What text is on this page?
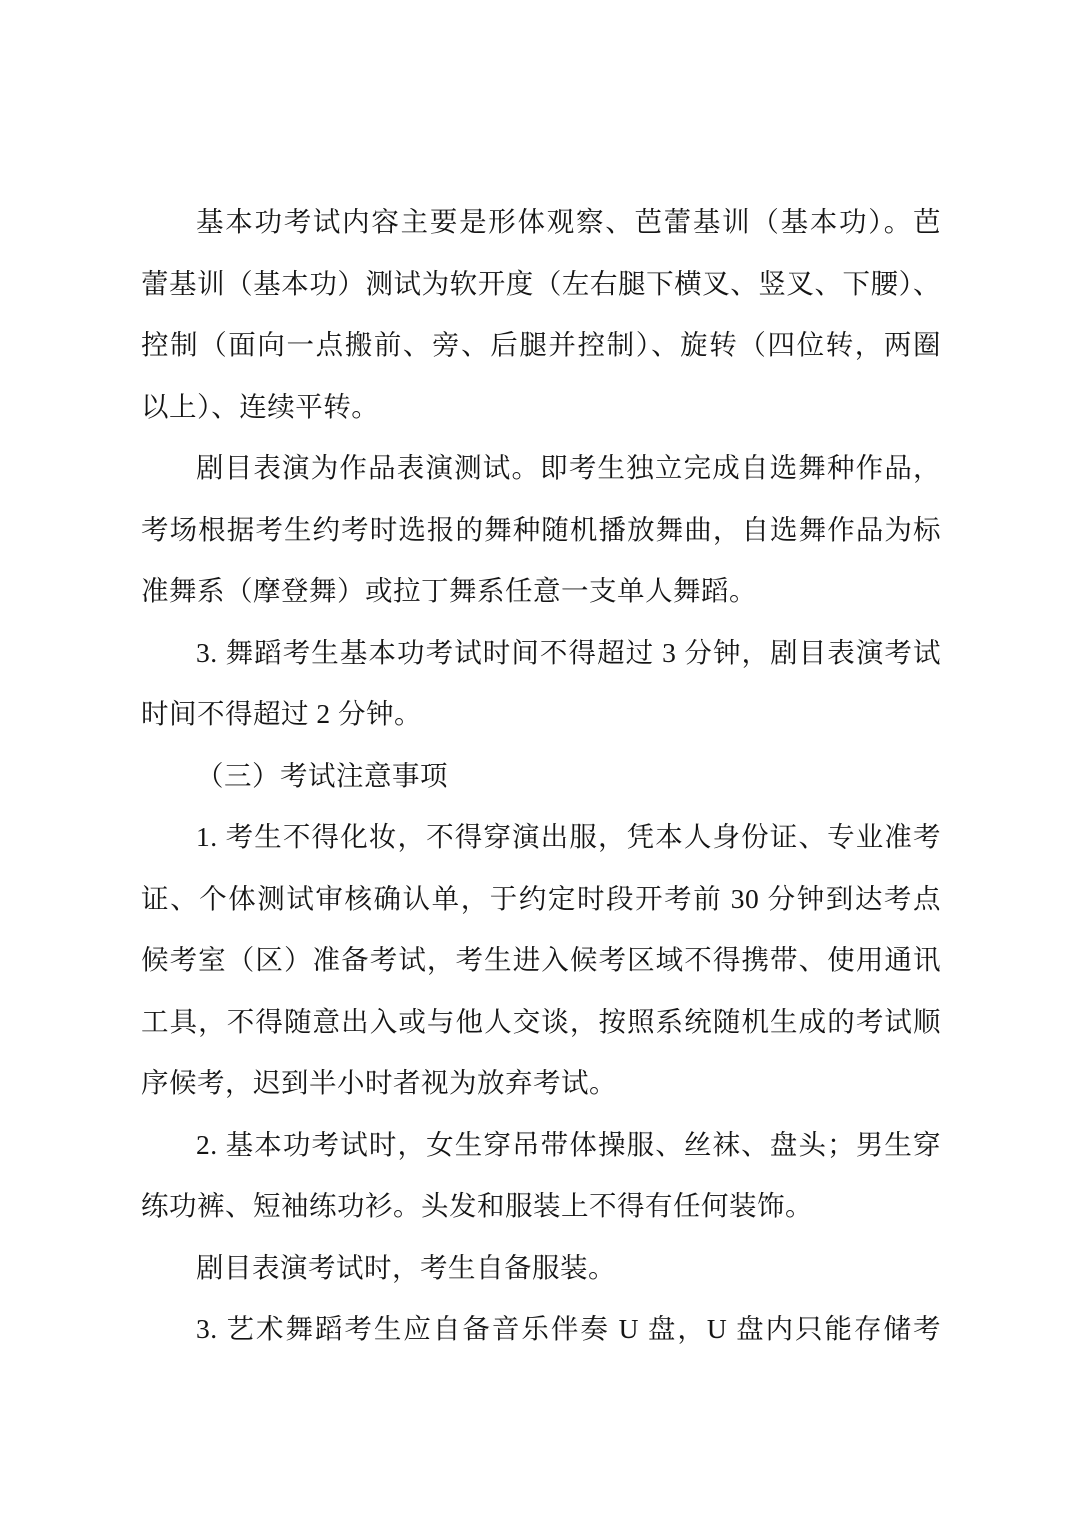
基本功考试内容主要是形体观察、芭蕾基训（基本功）。芭
蕾基训（基本功）测试为软开度（左右腿下横叉、竖叉、下腰）、
控制（面向一点搬前、旁、后腿并控制）、旋转（四位转，两圈
以上）、连续平转。
剧目表演为作品表演测试。即考生独立完成自选舞种作品，
考场根据考生约考时选报的舞种随机播放舞曲，自选舞作品为标
准舞系（摩登舞）或拉丁舞系任意一支单人舞蹈。
3. 舞蹈考生基本功考试时间不得超过 3 分钟，剧目表演考试
时间不得超过 2 分钟。
（三）考试注意事项
1. 考生不得化妆，不得穿演出服，凭本人身份证、专业准考
证、个体测试审核确认单，于约定时段开考前 30 分钟到达考点
候考室（区）准备考试，考生进入候考区域不得携带、使用通讯
工具，不得随意出入或与他人交谈，按照系统随机生成的考试顺
序候考，迟到半小时者视为放弃考试。
2. 基本功考试时，女生穿吊带体操服、丝袜、盘头；男生穿
练功裤、短袖练功衫。头发和服装上不得有任何装饰。
剧目表演考试时，考生自备服装。
3. 艺术舞蹈考生应自备音乐伴奏 U 盘，U 盘内只能存储考
